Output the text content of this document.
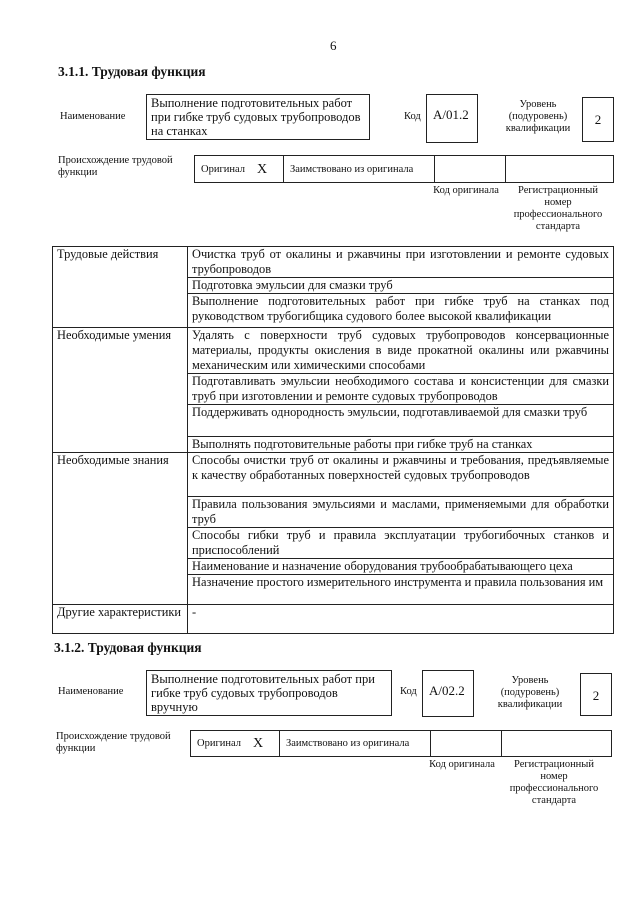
6
3.1.1. Трудовая функция
Наименование
Выполнение подготовительных работ при гибке труб судовых трубопроводов на станках
Код A/01.2
Уровень (подуровень) квалификации
2
Происхождение трудовой функции	Оригинал	X	Заимствовано из оригинала		
Код оригинала	Регистрационный номер профессионального стандарта
Трудовые действия	Очистка труб от окалины и ржавчины при изготовлении и ремонте судовых трубопроводов
	Подготовка эмульсии для смазки труб
	Выполнение подготовительных работ при гибке труб на станках под руководством трубогибщика судового более высокой квалификации
Необходимые умения	Удалять с поверхности труб судовых трубопроводов консервационные материалы, продукты окисления в виде прокатной окалины или ржавчины механическим или химическими способами
	Подготавливать эмульсии необходимого состава и консистенции для смазки труб при изготовлении и ремонте судовых трубопроводов
	Поддерживать однородность эмульсии, подготавливаемой для смазки труб
	Выполнять подготовительные работы при гибке труб на станках
Необходимые знания	Способы очистки труб от окалины и ржавчины и требования, предъявляемые к качеству обработанных поверхностей судовых трубопроводов
	Правила пользования эмульсиями и маслами, применяемыми для обработки труб
	Способы гибки труб и правила эксплуатации трубогибочных станков и приспособлений
	Наименование и назначение оборудования трубообрабатывающего цеха
	Назначение простого измерительного инструмента и правила пользования им
Другие характеристики	-
3.1.2. Трудовая функция
Наименование
Выполнение подготовительных работ при гибке труб судовых трубопроводов вручную
Код A/02.2
Уровень (подуровень) квалификации
2
Происхождение трудовой функции	Оригинал	X	Заимствовано из оригинала		
Код оригинала	Регистрационный номер профессионального стандарта
